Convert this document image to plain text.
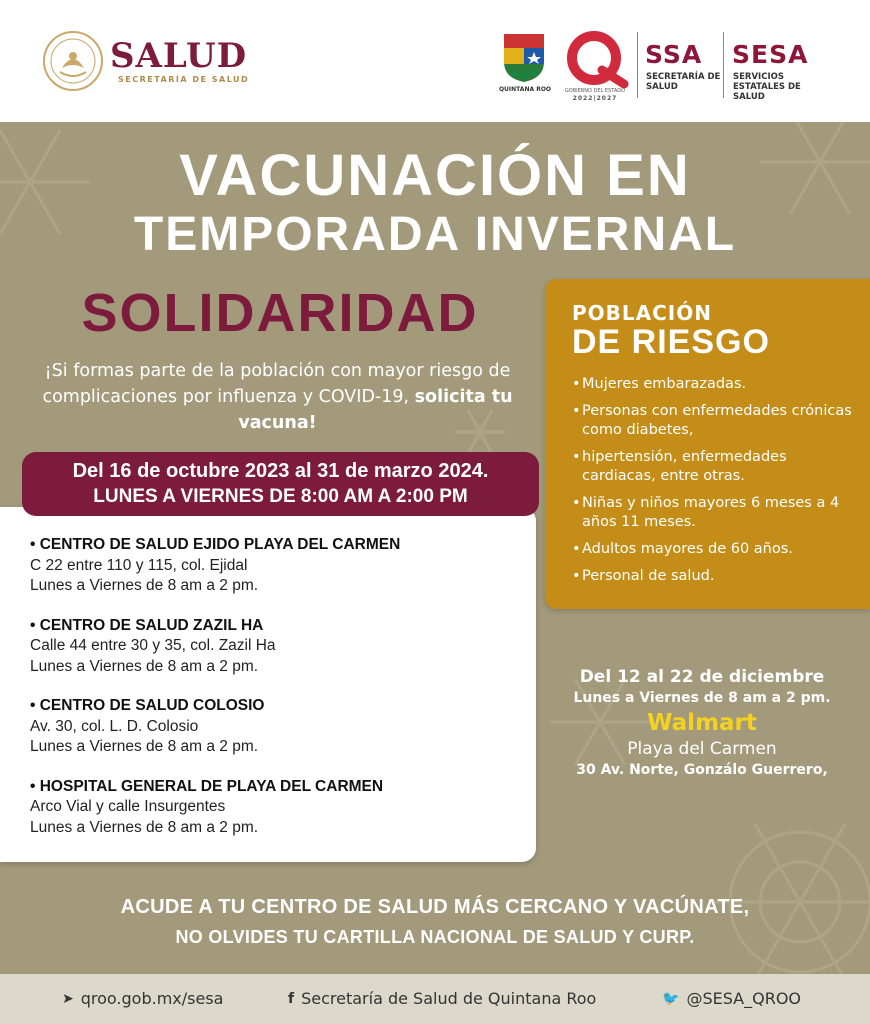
SALUD
SECRETARÍA DE SALUD
QUINTANA ROO	GOBIERNO DEL ESTADO
2022|2027
SSA
SECRETARÍA DE SALUD
SESA
SERVICIOS ESTATALES DE SALUD
VACUNACIÓN EN
TEMPORADA INVERNAL
SOLIDARIDAD
¡Si formas parte de la población con mayor riesgo de complicaciones por influenza y COVID-19, solicita tu vacuna!
POBLACIÓN
DE RIESGO
• Mujeres embarazadas.
• Personas con enfermedades crónicas como diabetes,
• hipertensión, enfermedades cardiacas, entre otras.
• Niñas y niños mayores 6 meses a 4 años 11 meses.
• Adultos mayores de 60 años.
• Personal de salud.
Del 16 de octubre 2023 al 31 de marzo 2024.
LUNES A VIERNES DE 8:00 AM A 2:00 PM
• CENTRO DE SALUD EJIDO PLAYA DEL CARMEN
C 22 entre 110 y 115, col. Ejidal
Lunes a Viernes de 8 am a 2 pm.
• CENTRO DE SALUD ZAZIL HA
Calle 44 entre 30 y 35, col. Zazil Ha
Lunes a Viernes de 8 am a 2 pm.
• CENTRO DE SALUD COLOSIO
Av. 30, col. L. D. Colosio
Lunes a Viernes de 8 am a 2 pm.
• HOSPITAL GENERAL DE PLAYA DEL CARMEN
Arco Vial y calle Insurgentes
Lunes a Viernes de 8 am a 2 pm.
Del 12 al 22 de diciembre
Lunes a Viernes de 8 am a 2 pm.
Walmart
Playa del Carmen
30 Av. Norte, Gonzálo Guerrero,
ACUDE A TU CENTRO DE SALUD MÁS CERCANO Y VACÚNATE,
NO OLVIDES TU CARTILLA NACIONAL DE SALUD Y CURP.
➤ qroo.gob.mx/sesa	f Secretaría de Salud de Quintana Roo	🐦 @SESA_QROO
